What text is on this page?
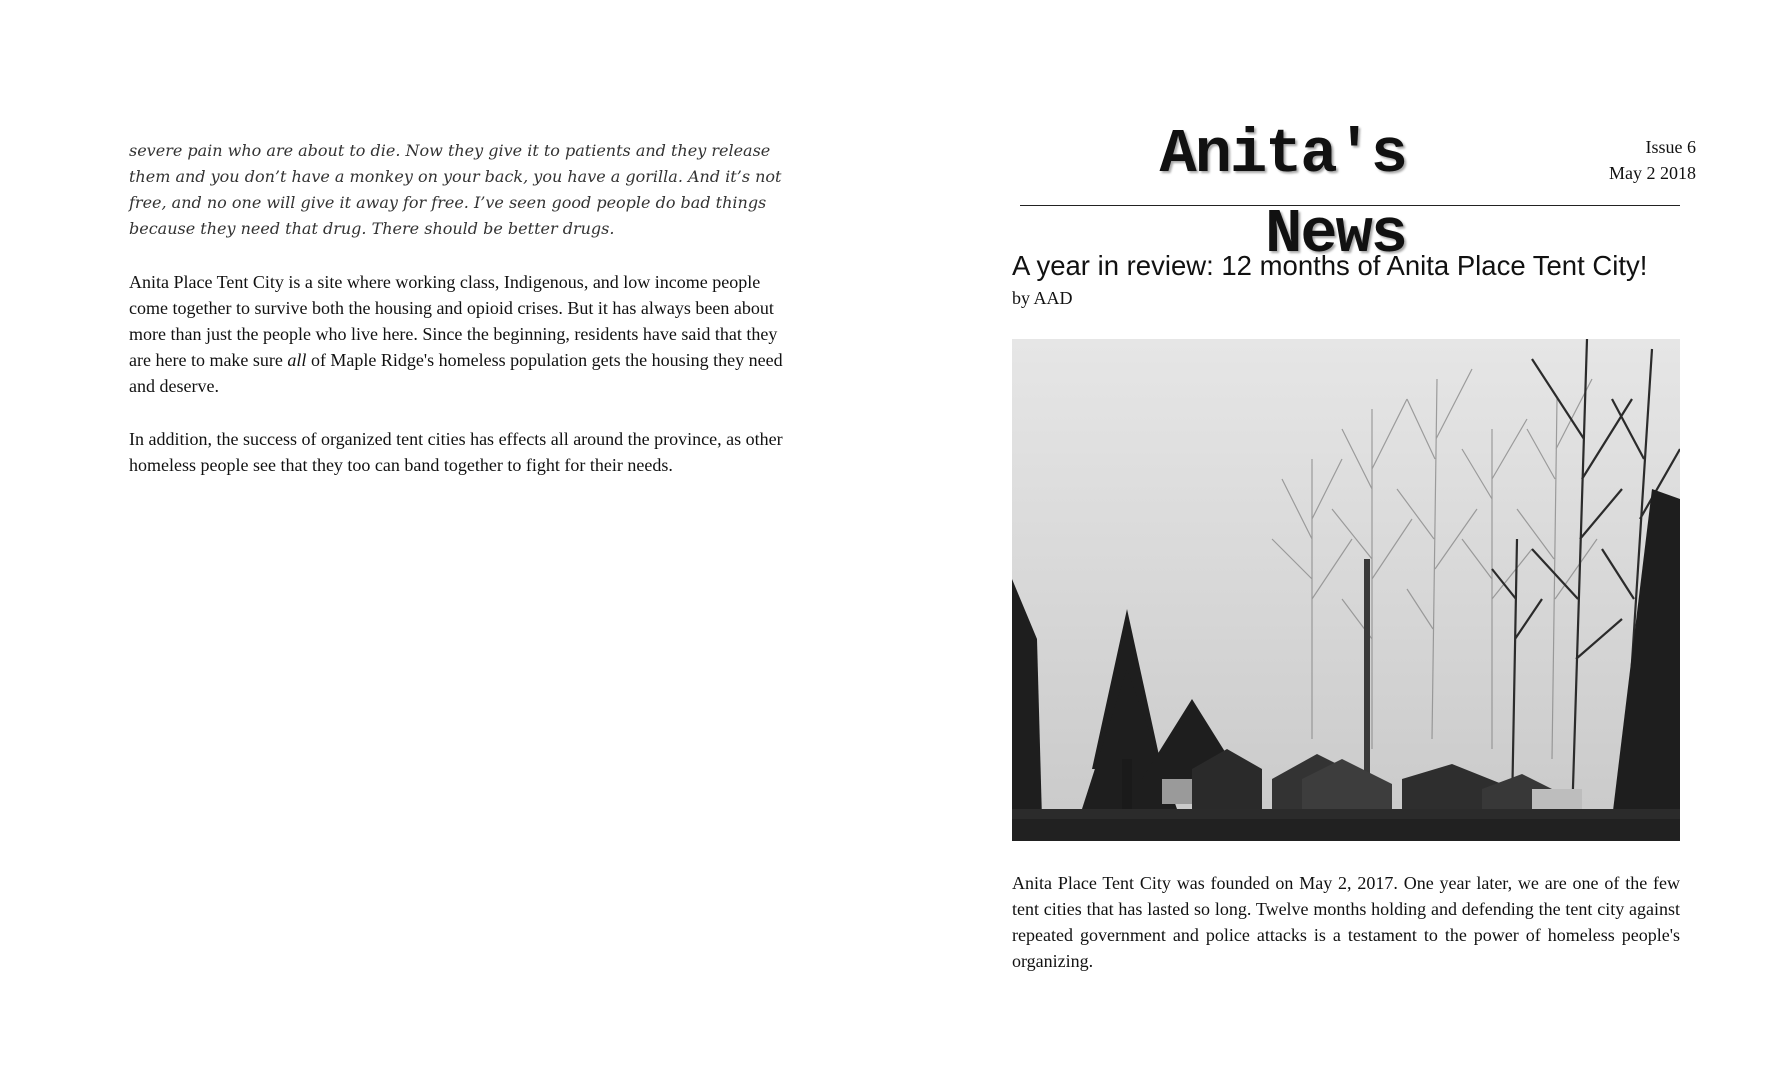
severe pain who are about to die. Now they give it to patients and they release them and you don’t have a monkey on your back, you have a gorilla. And it’s not free, and no one will give it away for free. I’ve seen good people do bad things because they need that drug. There should be better drugs.

Anita Place Tent City is a site where working class, Indigenous, and low income people come together to survive both the housing and opioid crises. But it has always been about more than just the people who live here. Since the beginning, residents have said that they are here to make sure all of Maple Ridge's homeless population gets the housing they need and deserve.

In addition, the success of organized tent cities has effects all around the province, as other homeless people see that they too can band together to fight for their needs.

Anita's News
Issue 6
May 2 2018
A year in review: 12 months of Anita Place Tent City!
by AAD

Anita Place Tent City was founded on May 2, 2017. One year later, we are one of the few tent cities that has lasted so long. Twelve months holding and defending the tent city against repeated government and police attacks is a testament to the power of homeless people's organizing.
